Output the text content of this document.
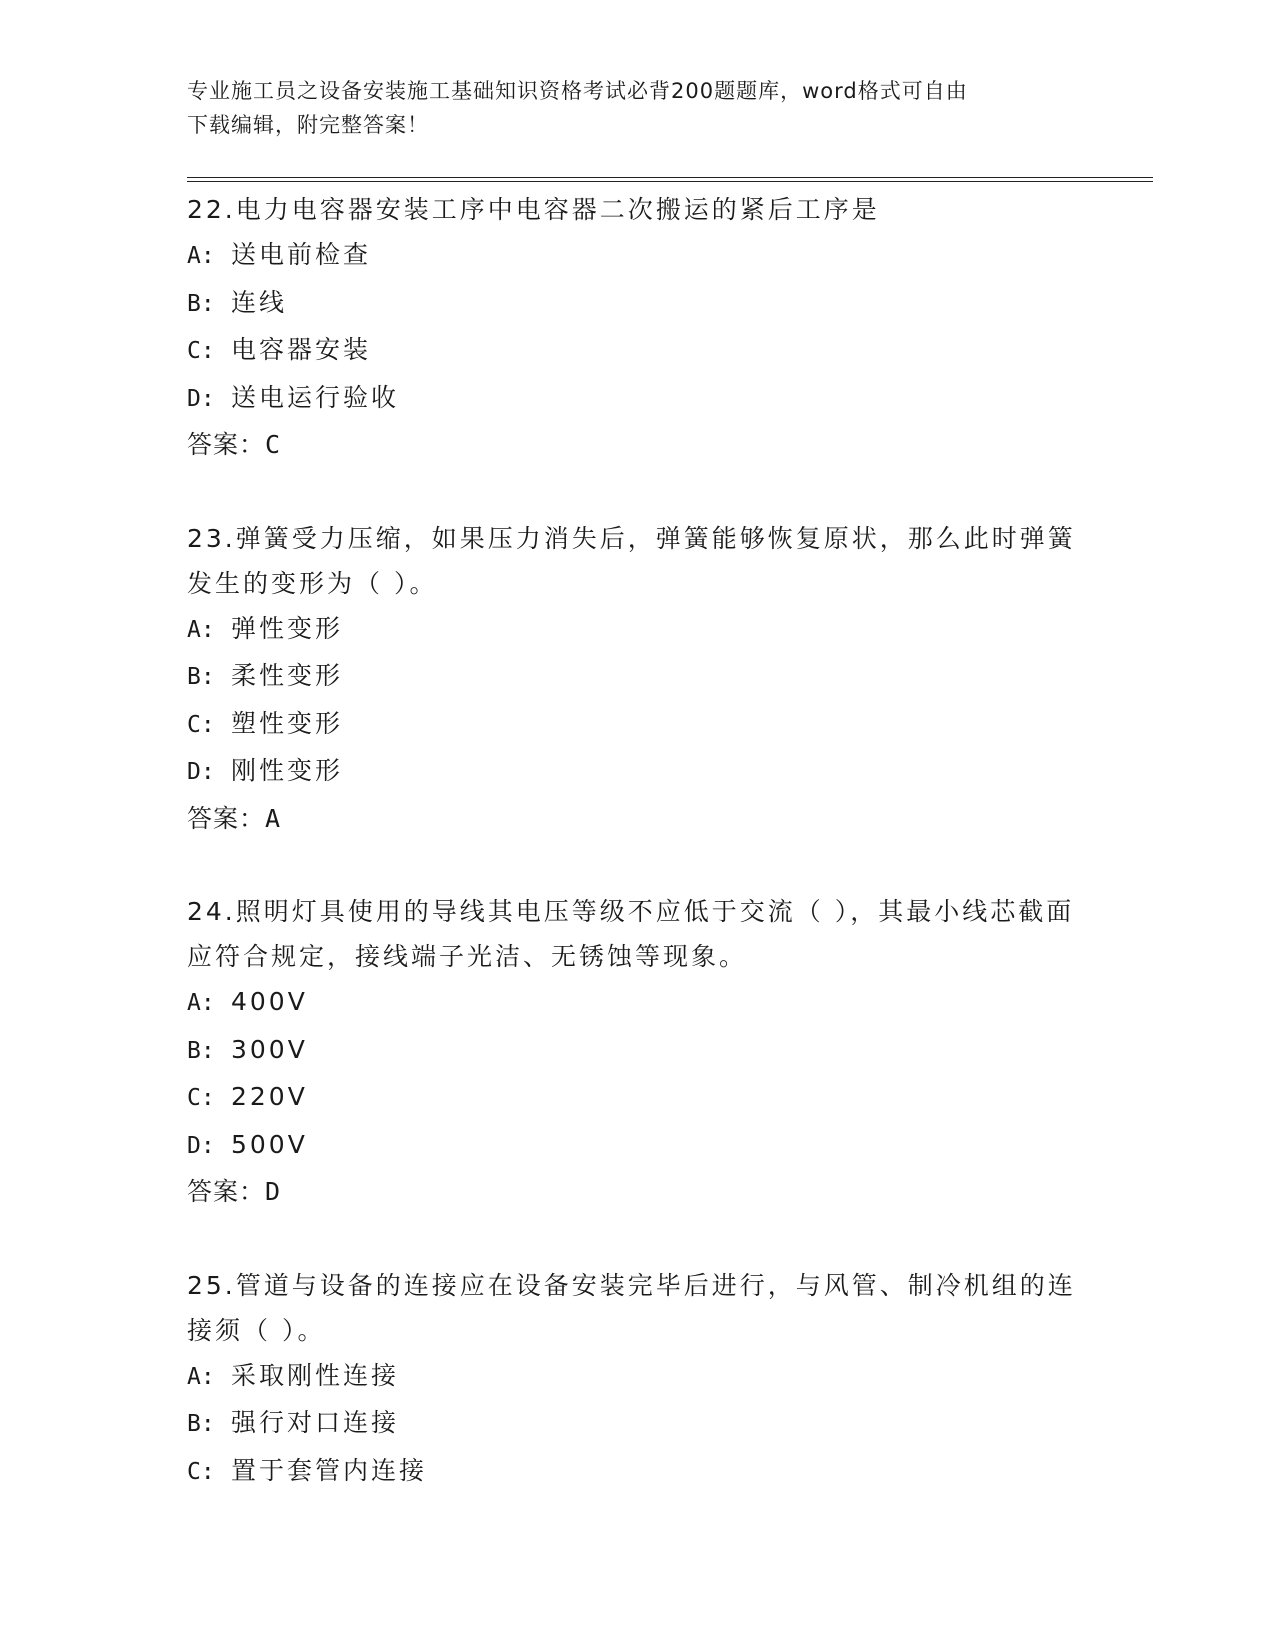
专业施工员之设备安装施工基础知识资格考试必背200题题库，word格式可自由
下载编辑，附完整答案！
22.电力电容器安装工序中电容器二次搬运的紧后工序是
A: 送电前检查
B: 连线
C: 电容器安装
D: 送电运行验收
答案：C
23.弹簧受力压缩，如果压力消失后，弹簧能够恢复原状，那么此时弹簧发生的变形为（ ）。
A: 弹性变形
B: 柔性变形
C: 塑性变形
D: 刚性变形
答案：A
24.照明灯具使用的导线其电压等级不应低于交流（ ），其最小线芯截面应符合规定，接线端子光洁、无锈蚀等现象。
A: 400V
B: 300V
C: 220V
D: 500V
答案：D
25.管道与设备的连接应在设备安装完毕后进行，与风管、制冷机组的连接须（ ）。
A: 采取刚性连接
B: 强行对口连接
C: 置于套管内连接
